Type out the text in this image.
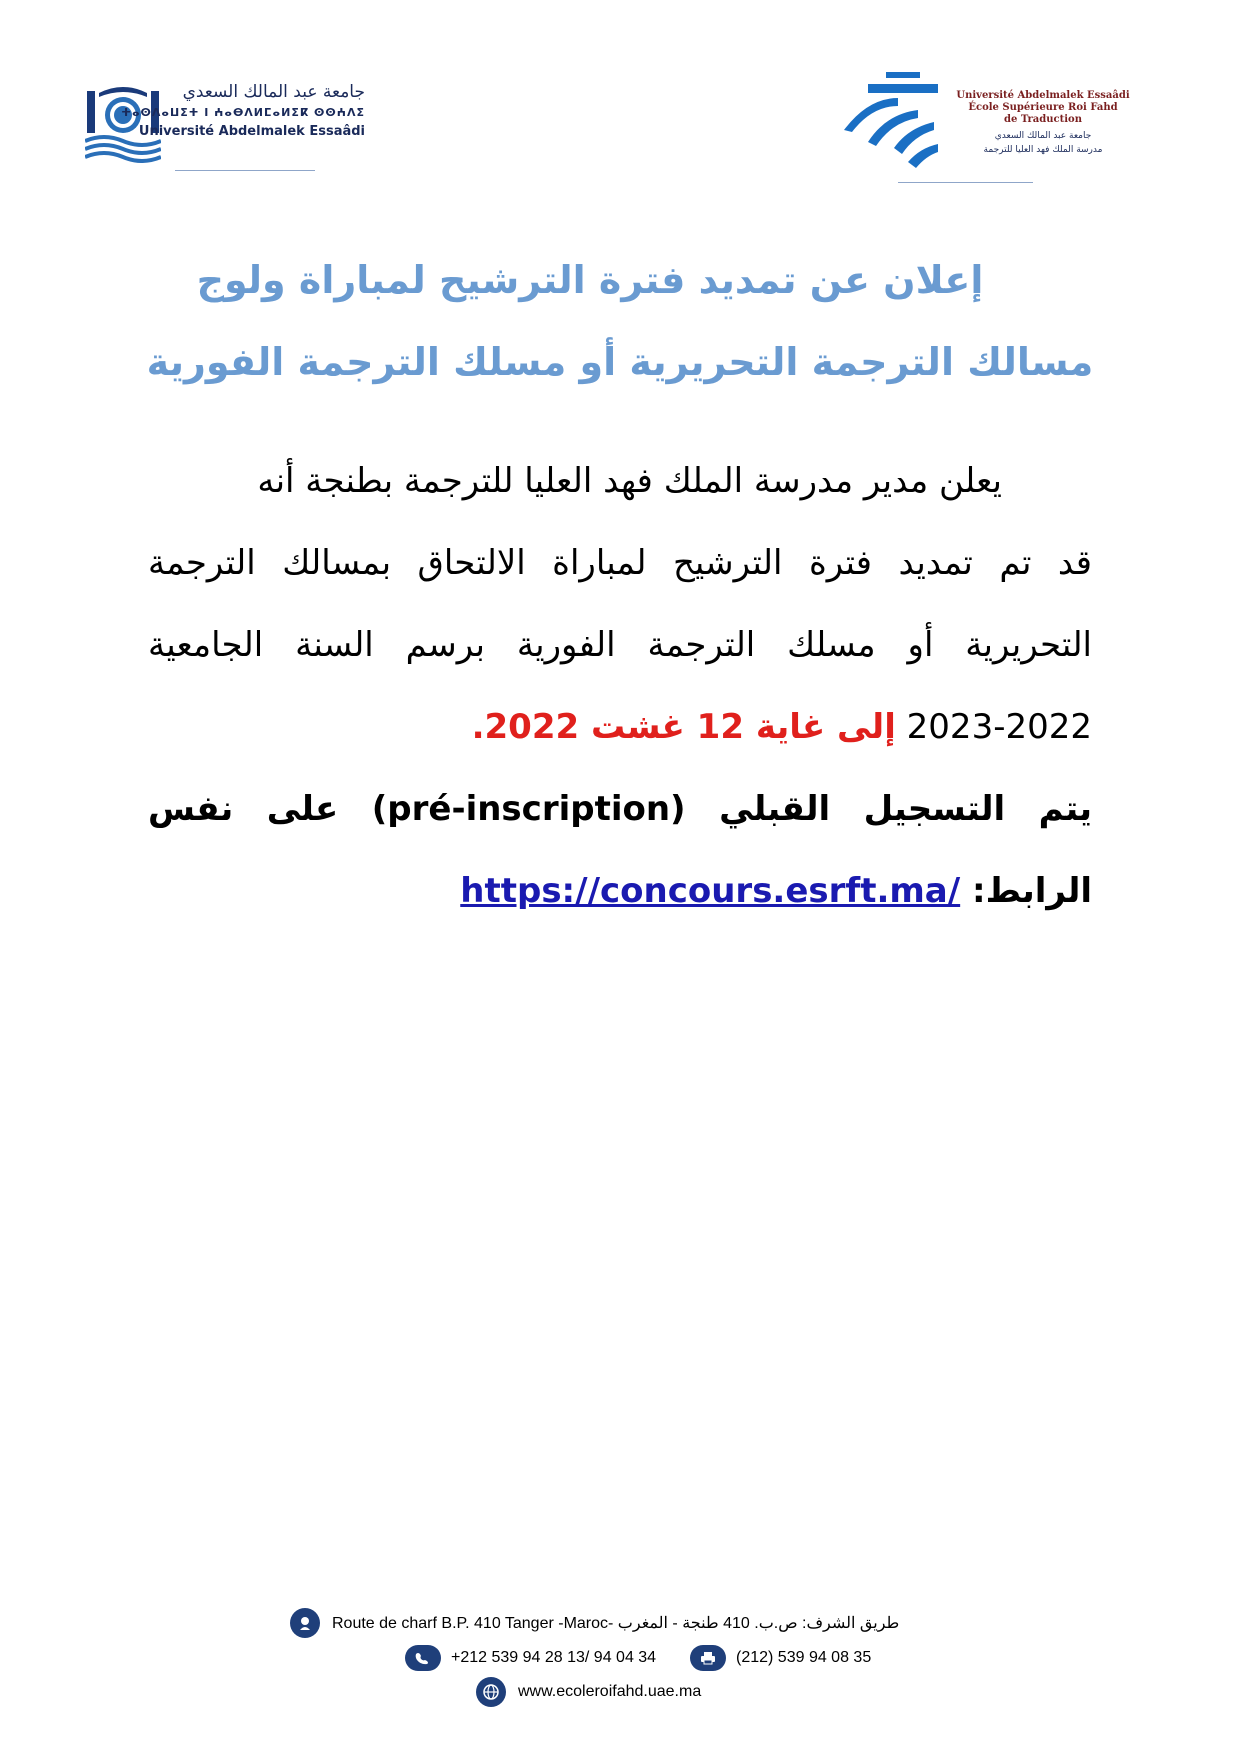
جامعة عبد المالك السعدي
ⵜⴰⵙⴷⴰⵡⵉⵜ ⵏ ⵄⴰⴱⴷⵍⵎⴰⵍⵉⴽ ⵙⵙⵄⴷⵉ
Université Abdelmalek Essaâdi
Université Abdelmalek Essaâdi
École Supérieure Roi Fahd
de Traduction
جامعة عبد المالك السعدي
مدرسة الملك فهد العليا للترجمة
إعلان عن تمديد فترة الترشيح لمباراة ولوج
مسالك الترجمة التحريرية أو مسلك الترجمة الفورية
يعلن مدير مدرسة الملك فهد العليا للترجمة بطنجة أنه
قد تم تمديد فترة الترشيح لمباراة الالتحاق بمسالك الترجمة
التحريرية أو مسلك الترجمة الفورية برسم السنة الجامعية
2023-2022 إلى غاية 12 غشت 2022.
يتم التسجيل القبلي (pré-inscription) على نفس
الرابط: https://concours.esrft.ma/
Route de charf B.P. 410 Tanger -Maroc- طريق الشرف: ص.ب. 410 طنجة - المغرب
+212 539 94 28 13/ 94 04 34	(212) 539 94 08 35
www.ecoleroifahd.uae.ma
